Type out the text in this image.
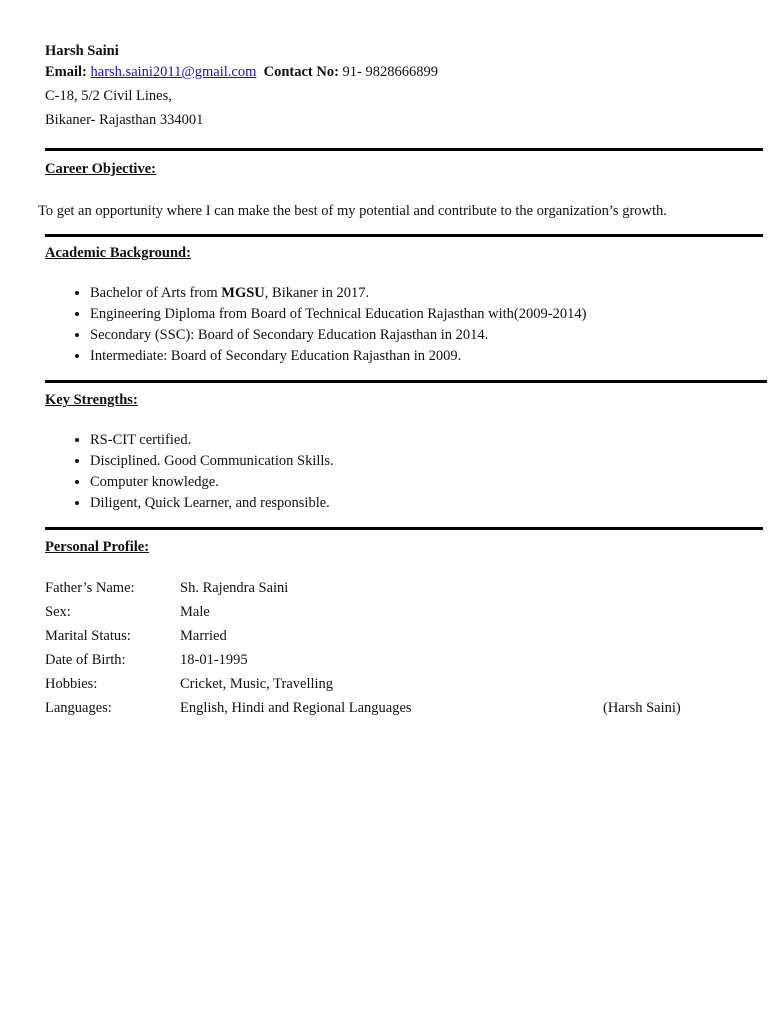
Harsh Saini
Email: harsh.saini2011@gmail.com Contact No: 91- 9828666899
C-18, 5/2 Civil Lines,
Bikaner- Rajasthan 334001
Career Objective:
To get an opportunity where I can make the best of my potential and contribute to the organization’s growth.
Academic Background:
• Bachelor of Arts from MGSU, Bikaner in 2017.
• Engineering Diploma from Board of Technical Education Rajasthan with(2009-2014)
• Secondary (SSC): Board of Secondary Education Rajasthan in 2014.
• Intermediate: Board of Secondary Education Rajasthan in 2009.
Key Strengths:
• RS-CIT certified.
• Disciplined. Good Communication Skills.
• Computer knowledge.
• Diligent, Quick Learner, and responsible.
Personal Profile:
Father’s Name:	Sh. Rajendra Saini
Sex:	Male
Marital Status:	Married
Date of Birth:	18-01-1995
Hobbies:	Cricket, Music, Travelling
Languages:	English, Hindi and Regional Languages	(Harsh Saini)
